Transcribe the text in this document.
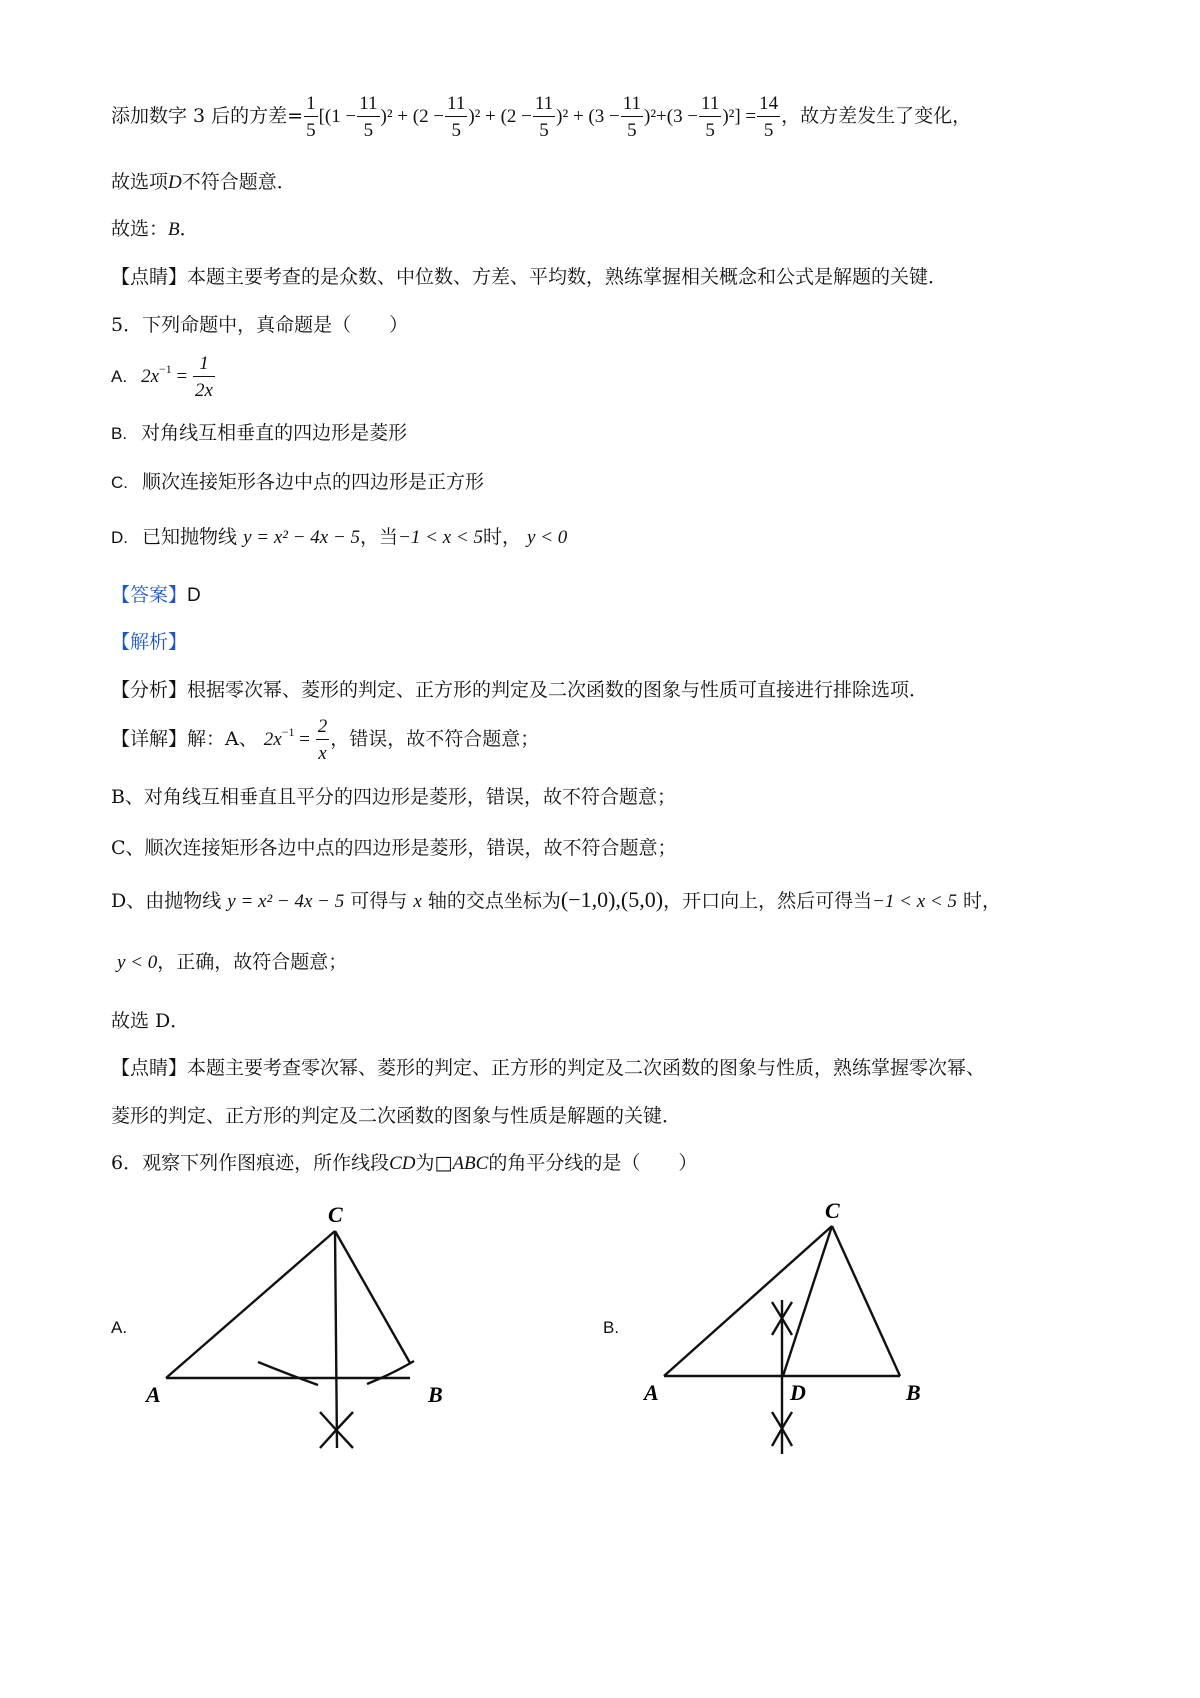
添加数字 3 后的方差= $\frac{1}{5} [(1 - \frac{11}{5} )^2 + (2 - \frac{11}{5} )^2 + (2 - \frac{11}{5} )^2 + (3 - \frac{11}{5} )^2+(3 - \frac{11}{5} )^2] = \frac{14}{5}$ ，故方差发生了变化，
故选项D不符合题意．
故选：B．
【点睛】本题主要考查的是众数、中位数、方差、平均数，熟练掌握相关概念和公式是解题的关键．
5．下列命题中，真命题是（　　）
A. $2x^{-1} = \frac{1}{2x}$
B. 对角线互相垂直的四边形是菱形
C. 顺次连接矩形各边中点的四边形是正方形
D. 已知抛物线 y = x² − 4x − 5，当−1 < x < 5时， y < 0
【答案】D
【解析】
【分析】根据零次幂、菱形的判定、正方形的判定及二次函数的图象与性质可直接进行排除选项．
【详解】解：A、 $2x^{-1} = \frac{2}{x}$ ，错误，故不符合题意；
B、对角线互相垂直且平分的四边形是菱形，错误，故不符合题意；
C、顺次连接矩形各边中点的四边形是菱形，错误，故不符合题意；
D、由抛物线 y = x² − 4x − 5 可得与 x 轴的交点坐标为(−1,0),(5,0)，开口向上，然后可得当−1 < x < 5 时，
y < 0，正确，故符合题意；
故选 D．
【点睛】本题主要考查零次幂、菱形的判定、正方形的判定及二次函数的图象与性质，熟练掌握零次幂、
菱形的判定、正方形的判定及二次函数的图象与性质是解题的关键．
6．观察下列作图痕迹，所作线段CD为□ABC的角平分线的是（　　）
A.
C
A	B
B.
C
A	B
D
